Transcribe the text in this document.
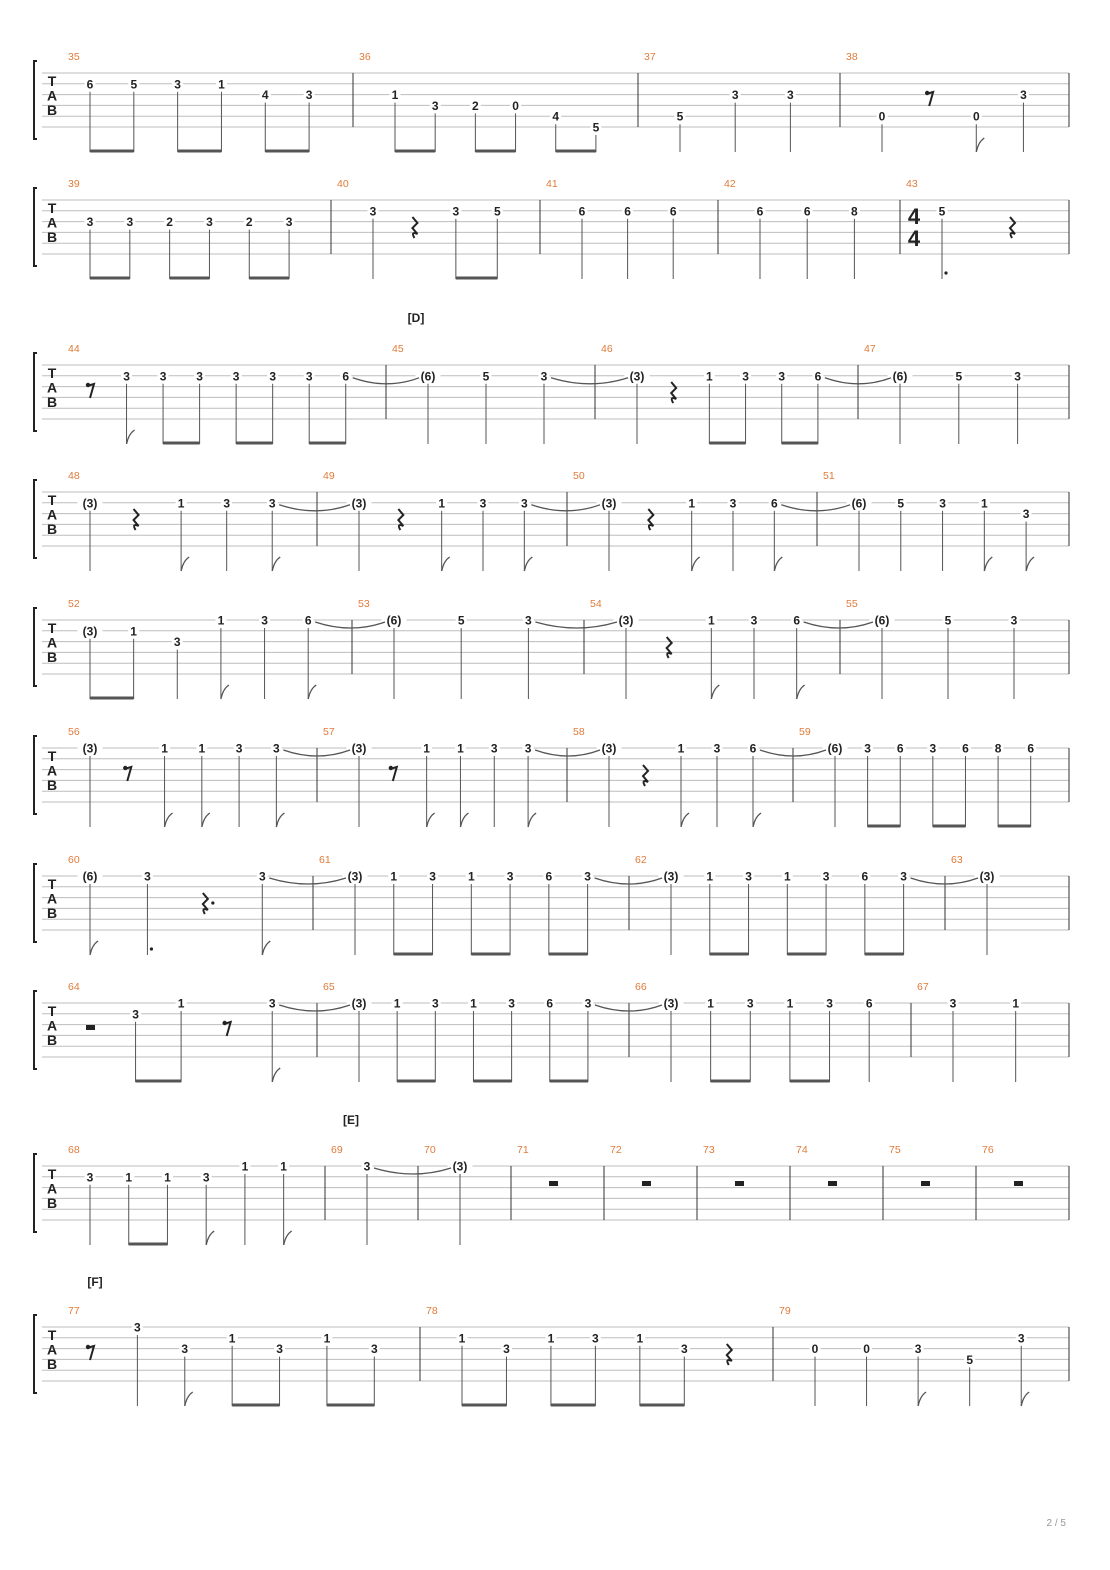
T
A
B
35
6	5	3	1
4	3
36
1
3	2	0
4
5
37
5
3	3
38
0	0
3
T
A
B
39
3	3	2	3	2	3
40
3	3	5
41
6	6	6
42
6	6	8
43
5
4
4
T
A
B
44
3 3 3 3 3 3 6
45
(6)	5	3
46
(3)	1 3 3 6
47
(6)	5	3
T
A
B
48
(3)	1	3	3
49
(3)	1	3	3
50
(3)	1	3	6
51
(6)	5	3	1
3
T
A
B
52
(3)	1
3
1	3	6
53
(6)	5	3
54
(3)	1	3	6
55
(6)	5	3
T
A
B
56
(3)	1	1	3	3
57
(3)	1 1 3 3
58
(3)	1 3 6
59
(6) 3 6 3 6 8 6
T
A
B
60
(6)	3	3
61
(3) 1	3	1	3	6	3
62
(3) 1	3	1	3	6	3
63
(3)
T
A
B
64
3
1	3
65
(3) 1	3	1	3	6	3
66
(3) 1	3	1	3	6
67
3	1
T
A
B
68
3	1	1	3
1	1
69
3
70
(3)
71	72	73	74	75	76
T
A
B
77
3
3
1
3
1
3
78
1
3
1	3	1
3
79
0	0	3
5
3
[D]
[E]
[F]
2 / 5
